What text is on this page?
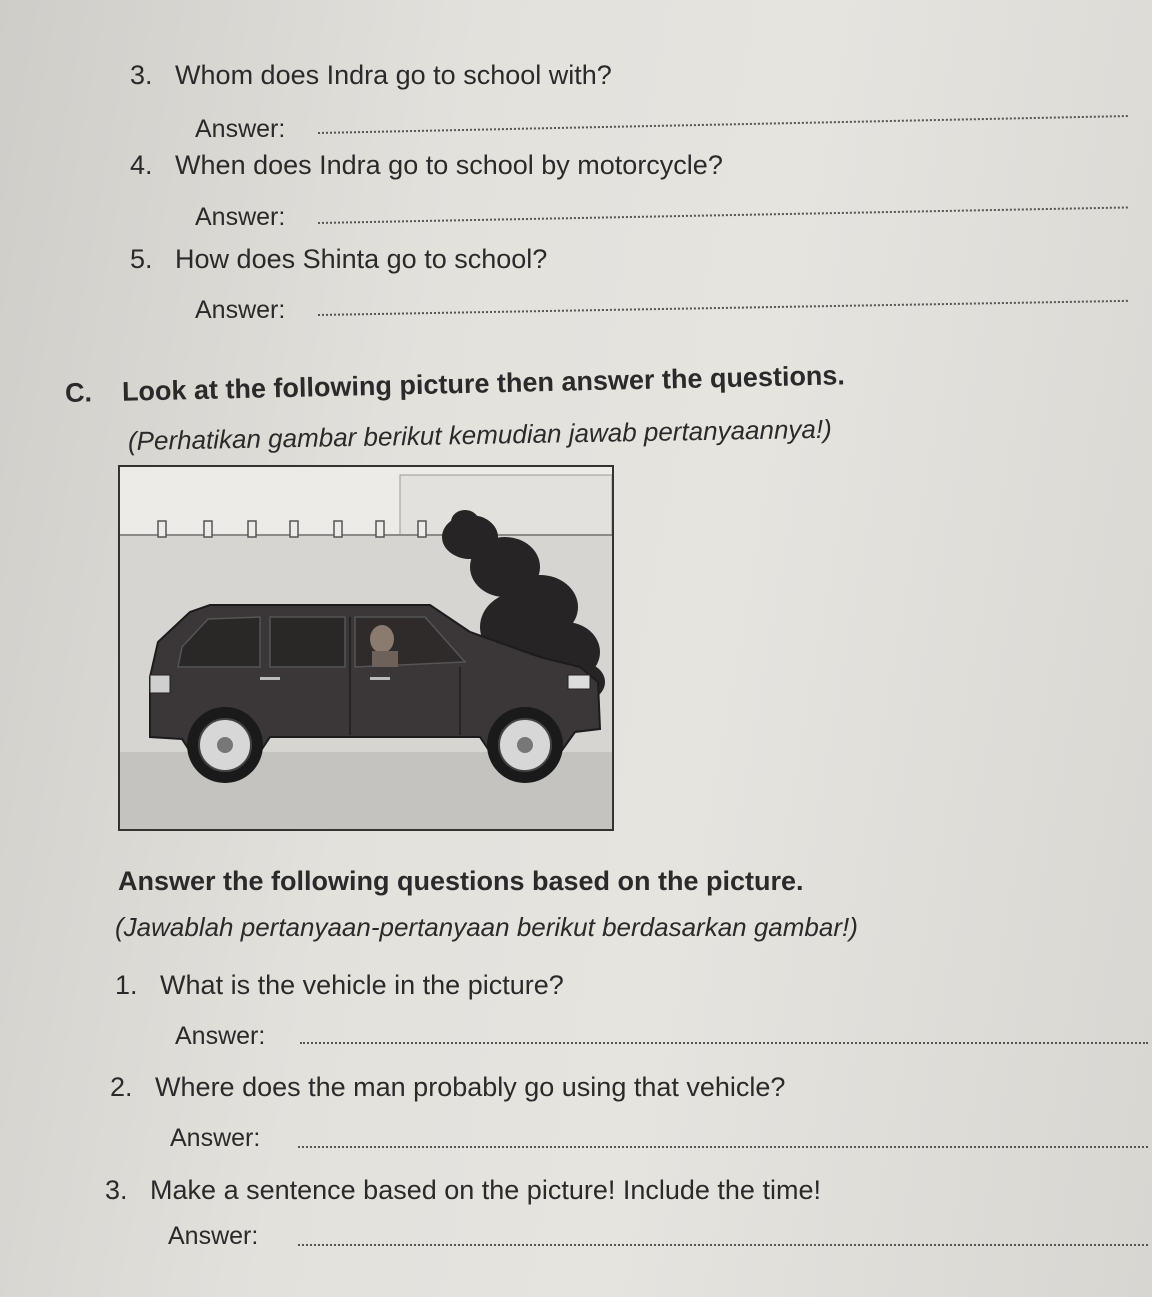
3. Whom does Indra go to school with?
Answer:
4. When does Indra go to school by motorcycle?
Answer:
5. How does Shinta go to school?
Answer:
C. Look at the following picture then answer the questions.
(Perhatikan gambar berikut kemudian jawab pertanyaannya!)
Answer the following questions based on the picture.
(Jawablah pertanyaan-pertanyaan berikut berdasarkan gambar!)
1. What is the vehicle in the picture?
Answer:
2. Where does the man probably go using that vehicle?
Answer:
3. Make a sentence based on the picture! Include the time!
Answer:
